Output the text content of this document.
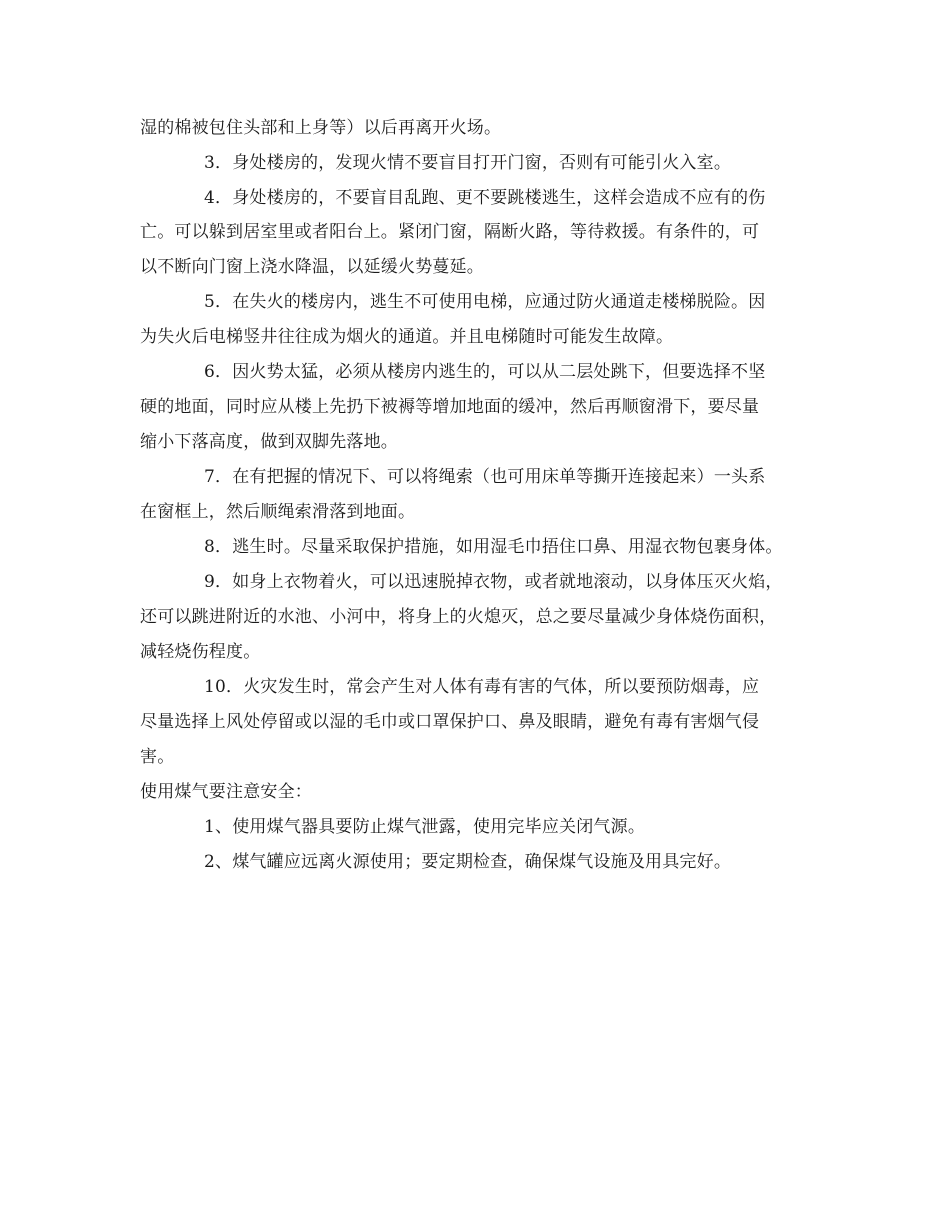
湿的棉被包住头部和上身等）以后再离开火场。
3．身处楼房的，发现火情不要盲目打开门窗，否则有可能引火入室。
4．身处楼房的，不要盲目乱跑、更不要跳楼逃生，这样会造成不应有的伤
亡。可以躲到居室里或者阳台上。紧闭门窗，隔断火路，等待救援。有条件的，可
以不断向门窗上浇水降温，以延缓火势蔓延。
5．在失火的楼房内，逃生不可使用电梯，应通过防火通道走楼梯脱险。因
为失火后电梯竖井往往成为烟火的通道。并且电梯随时可能发生故障。
6．因火势太猛，必须从楼房内逃生的，可以从二层处跳下，但要选择不坚
硬的地面，同时应从楼上先扔下被褥等增加地面的缓冲，然后再顺窗滑下，要尽量
缩小下落高度，做到双脚先落地。
7．在有把握的情况下、可以将绳索（也可用床单等撕开连接起来）一头系
在窗框上，然后顺绳索滑落到地面。
8．逃生时。尽量采取保护措施，如用湿毛巾捂住口鼻、用湿衣物包裹身体。
9．如身上衣物着火，可以迅速脱掉衣物，或者就地滚动，以身体压灭火焰，
还可以跳进附近的水池、小河中，将身上的火熄灭，总之要尽量减少身体烧伤面积，
减轻烧伤程度。
10．火灾发生时，常会产生对人体有毒有害的气体，所以要预防烟毒，应
尽量选择上风处停留或以湿的毛巾或口罩保护口、鼻及眼睛，避免有毒有害烟气侵
害。
使用煤气要注意安全：
1、使用煤气器具要防止煤气泄露，使用完毕应关闭气源。
2、煤气罐应远离火源使用；要定期检查，确保煤气设施及用具完好。
